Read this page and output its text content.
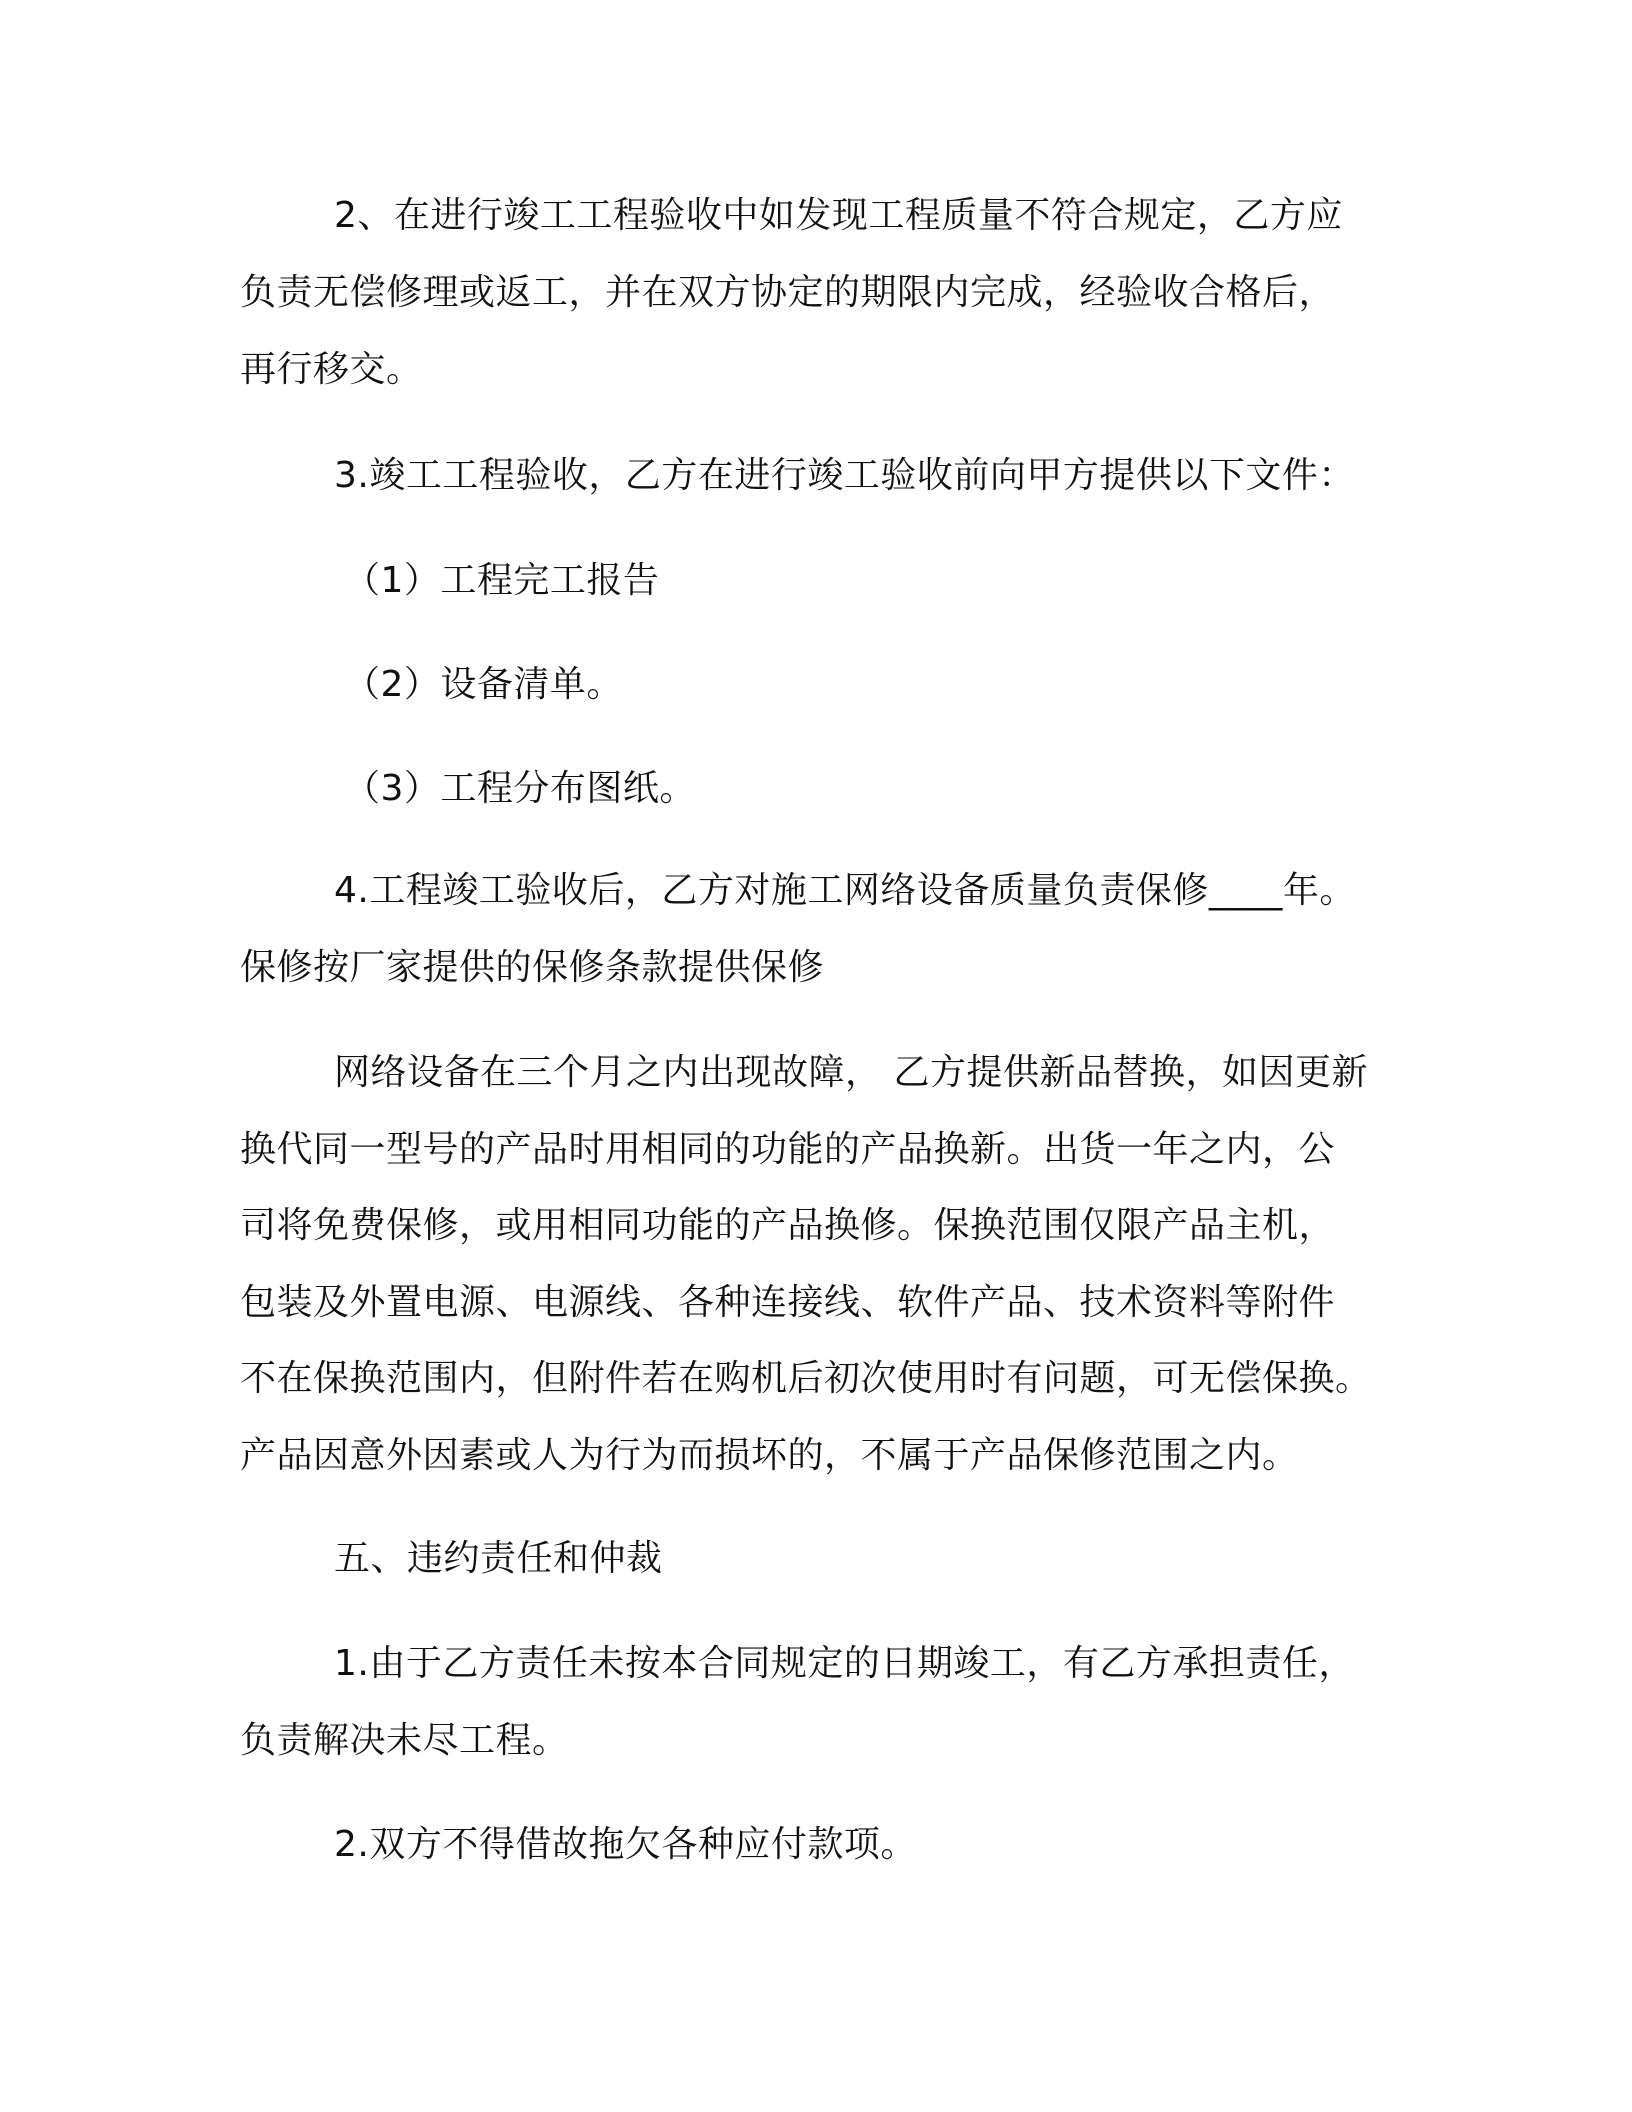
2、在进行竣工工程验收中如发现工程质量不符合规定，乙方应
负责无偿修理或返工，并在双方协定的期限内完成，经验收合格后，
再行移交。
3.竣工工程验收，乙方在进行竣工验收前向甲方提供以下文件：
（1）工程完工报告
（2）设备清单。
（3）工程分布图纸。
4.工程竣工验收后，乙方对施工网络设备质量负责保修____年。
保修按厂家提供的保修条款提供保修
网络设备在三个月之内出现故障， 乙方提供新品替换，如因更新
换代同一型号的产品时用相同的功能的产品换新。出货一年之内，公
司将免费保修，或用相同功能的产品换修。保换范围仅限产品主机，
包装及外置电源、电源线、各种连接线、软件产品、技术资料等附件
不在保换范围内，但附件若在购机后初次使用时有问题，可无偿保换。
产品因意外因素或人为行为而损坏的，不属于产品保修范围之内。
五、违约责任和仲裁
1.由于乙方责任未按本合同规定的日期竣工，有乙方承担责任，
负责解决未尽工程。
2.双方不得借故拖欠各种应付款项。
